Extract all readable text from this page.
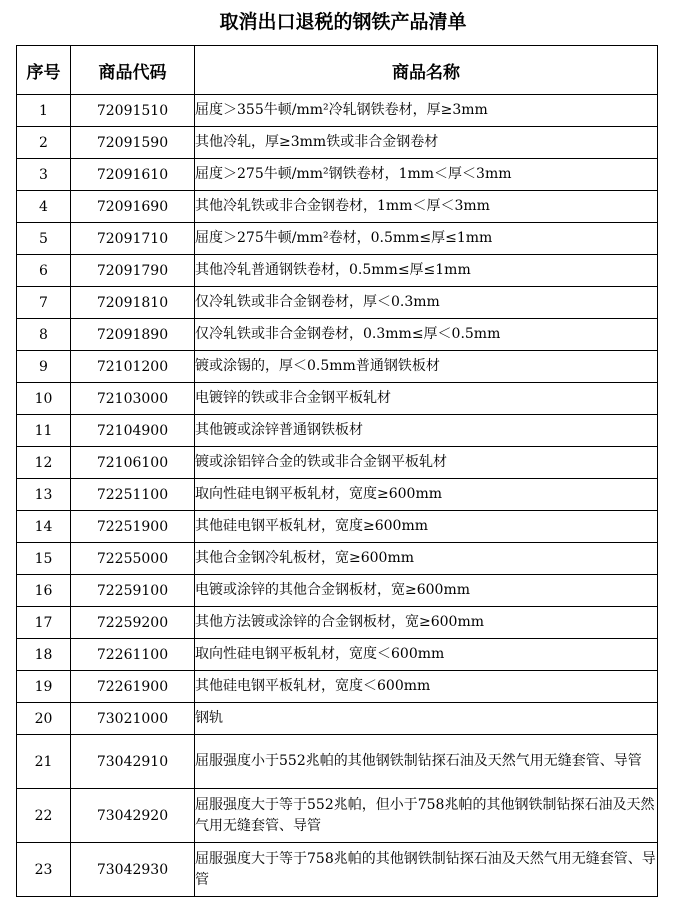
取消出口退税的钢铁产品清单
序号	商品代码	商品名称
1	72091510	屈度＞355牛顿/mm²冷轧钢铁卷材，厚≥3mm
2	72091590	其他冷轧，厚≥3mm铁或非合金钢卷材
3	72091610	屈度＞275牛顿/mm²钢铁卷材，1mm＜厚＜3mm
4	72091690	其他冷轧铁或非合金钢卷材，1mm＜厚＜3mm
5	72091710	屈度＞275牛顿/mm²卷材，0.5mm≤厚≤1mm
6	72091790	其他冷轧普通钢铁卷材，0.5mm≤厚≤1mm
7	72091810	仅冷轧铁或非合金钢卷材，厚＜0.3mm
8	72091890	仅冷轧铁或非合金钢卷材，0.3mm≤厚＜0.5mm
9	72101200	镀或涂锡的，厚＜0.5mm普通钢铁板材
10	72103000	电镀锌的铁或非合金钢平板轧材
11	72104900	其他镀或涂锌普通钢铁板材
12	72106100	镀或涂铝锌合金的铁或非合金钢平板轧材
13	72251100	取向性硅电钢平板轧材，宽度≥600mm
14	72251900	其他硅电钢平板轧材，宽度≥600mm
15	72255000	其他合金钢冷轧板材，宽≥600mm
16	72259100	电镀或涂锌的其他合金钢板材，宽≥600mm
17	72259200	其他方法镀或涂锌的合金钢板材，宽≥600mm
18	72261100	取向性硅电钢平板轧材，宽度＜600mm
19	72261900	其他硅电钢平板轧材，宽度＜600mm
20	73021000	钢轨
21	73042910	屈服强度小于552兆帕的其他钢铁制钻探石油及天然气用无缝套管、导管
22	73042920	屈服强度大于等于552兆帕，但小于758兆帕的其他钢铁制钻探石油及天然气用无缝套管、导管
23	73042930	屈服强度大于等于758兆帕的其他钢铁制钻探石油及天然气用无缝套管、导管
